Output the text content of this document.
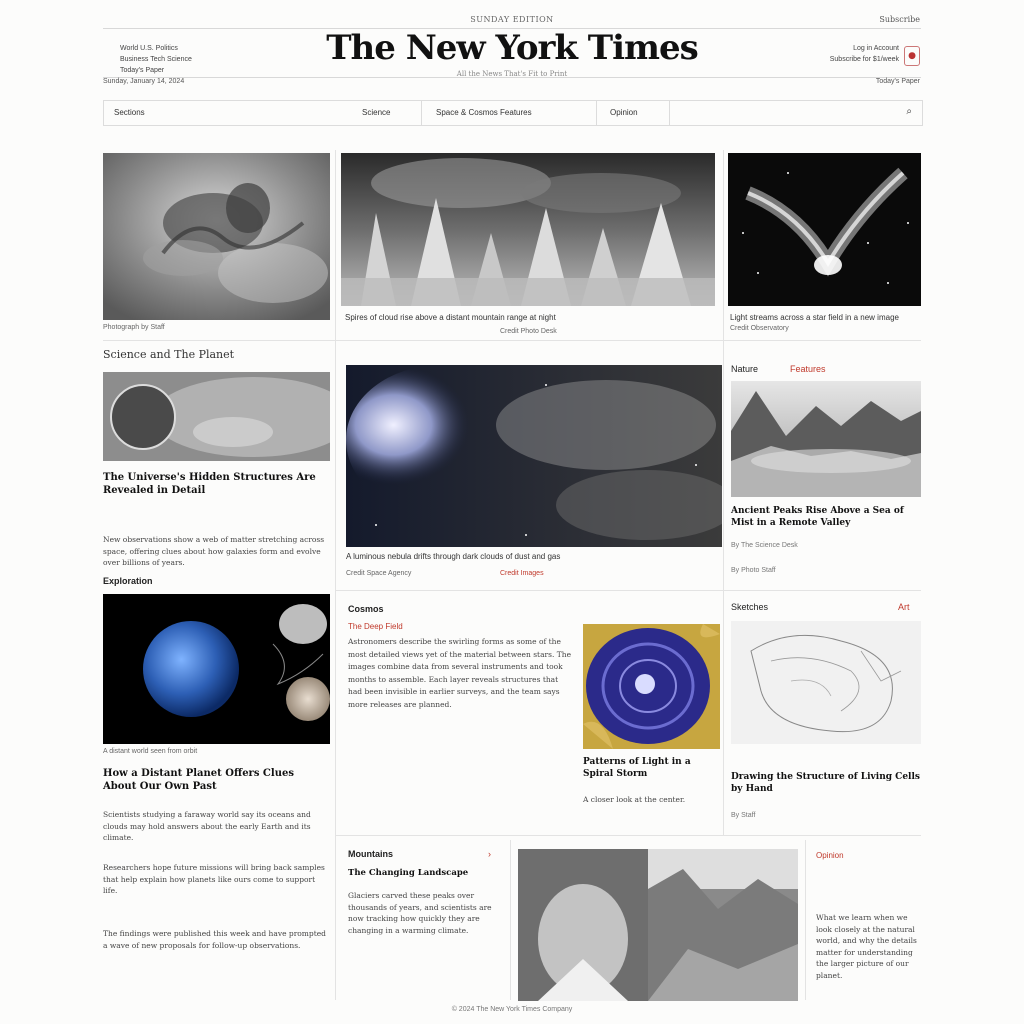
SUNDAY EDITION	Subscribe
The New York Times
All the News That's Fit to Print
World U.S. Politics
Business Tech Science
Today's Paper
Log in Account
Subscribe for $1/week	●
Sunday, January 14, 2024	Today's Paper
Sections	Science	Space & Cosmos Features	Opinion	⌕
Photograph by Staff
Spires of cloud rise above a distant mountain range at night
Credit Photo Desk
Light streams across a star field in a new image
Credit Observatory
Science and The Planet
The Universe's Hidden Structures Are Revealed in Detail
New observations show a web of matter stretching across space, offering clues about how galaxies form and evolve over billions of years.
Exploration
A distant world seen from orbit
How a Distant Planet Offers Clues About Our Own Past
Scientists studying a faraway world say its oceans and clouds may hold answers about the early Earth and its climate.
Researchers hope future missions will bring back samples that help explain how planets like ours come to support life.
The findings were published this week and have prompted a wave of new proposals for follow-up observations.
A luminous nebula drifts through dark clouds of dust and gas
Credit Space Agency	Credit Images
Cosmos
The Deep Field
Astronomers describe the swirling forms as some of the most detailed views yet of the material between stars. The images combine data from several instruments and took months to assemble. Each layer reveals structures that had been invisible in earlier surveys, and the team says more releases are planned.
Patterns of Light in a Spiral Storm
A closer look at the center.
Nature	Features
Ancient Peaks Rise Above a Sea of Mist in a Remote Valley
By The Science Desk
By Photo Staff
Sketches	Art
Drawing the Structure of Living Cells by Hand
By Staff
Mountains	›
The Changing Landscape
Glaciers carved these peaks over thousands of years, and scientists are now tracking how quickly they are changing in a warming climate.
Opinion
What we learn when we look closely at the natural world, and why the details matter for understanding the larger picture of our planet.
© 2024 The New York Times Company
